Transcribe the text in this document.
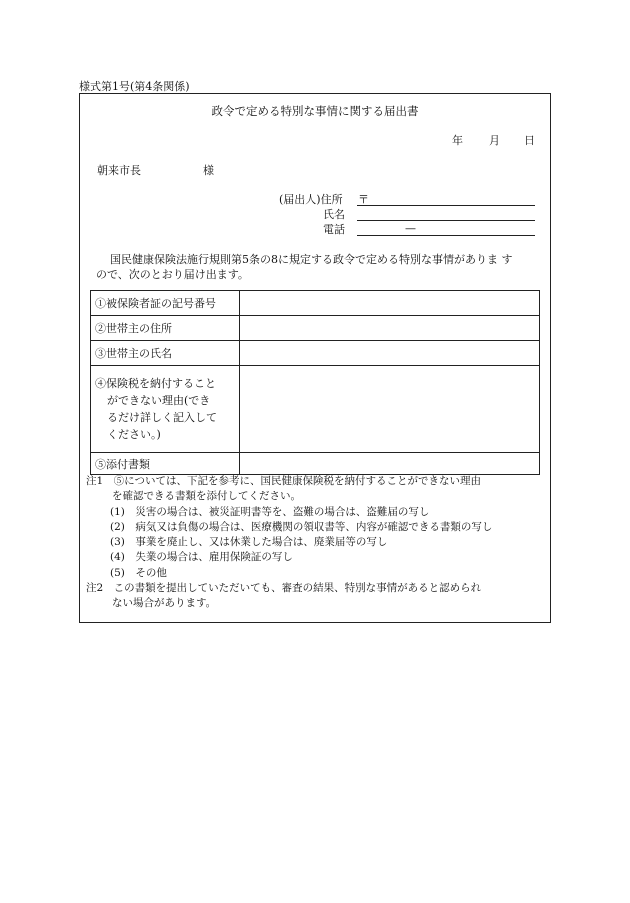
様式第1号(第4条関係)
政令で定める特別な事情に関する届出書
年 月 日
朝来市長	様
(届出人)住所 〒
氏名
電話	—
国民健康保険法施行規則第5条の8に規定する政令で定める特別な事情がありま す
ので、次のとおり届け出ます。
①被保険者証の記号番号	
②世帯主の住所	
③世帯主の氏名	

④保険税を納付すること
ができない理由(でき
るだけ詳しく記入して
ください。)	

⑤添付書類	
注1　⑤については、下記を参考に、国民健康保険税を納付することができない理由
を確認できる書類を添付してください。
(1)　災害の場合は、被災証明書等を、盗難の場合は、盗難届の写し
(2)　病気又は負傷の場合は、医療機関の領収書等、内容が確認できる書類の写し
(3)　事業を廃止し、又は休業した場合は、廃業届等の写し
(4)　失業の場合は、雇用保険証の写し
(5)　その他
注2　この書類を提出していただいても、審査の結果、特別な事情があると認められ
ない場合があります。
